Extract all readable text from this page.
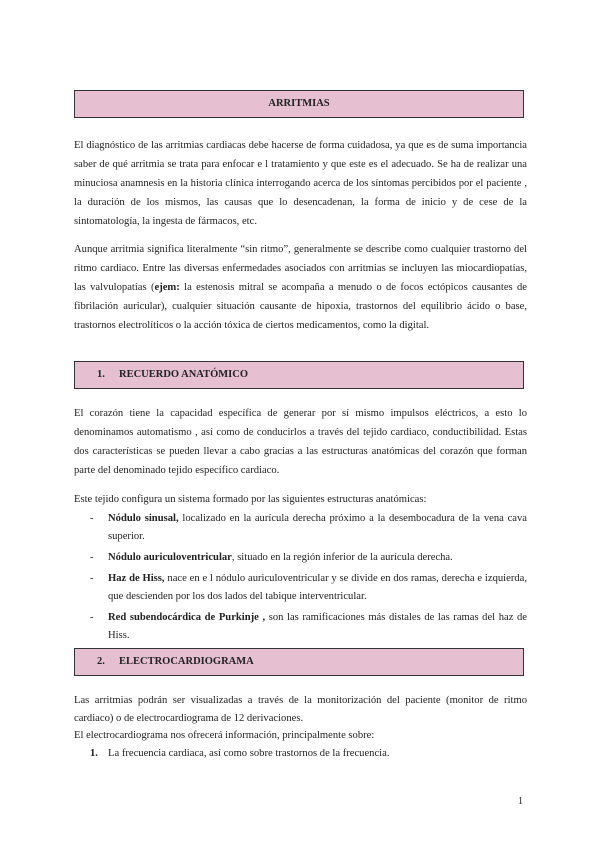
ARRITMIAS

El diagnóstico de las arritmias cardiacas debe hacerse de forma cuidadosa, ya que es de suma importancia saber de qué arritmia se trata para enfocar e l tratamiento y que este es el adecuado. Se ha de realizar una minuciosa anamnesis en la historia clínica interrogando acerca de los síntomas percibidos por el paciente , la duración de los mismos, las causas que lo desencadenan, la forma de inicio y de cese de la sintomatología, la ingesta de fármacos, etc.

Aunque arritmia significa literalmente “sin ritmo”, generalmente se describe como cualquier trastorno del ritmo cardiaco. Entre las diversas enfermedades asociados con arritmias se incluyen las miocardiopatías, las valvulopatías (ejem: la estenosis mitral se acompaña a menudo o de focos ectópicos causantes de fibrilación auricular), cualquier situación causante de hipoxia, trastornos del equilibrio ácido o base, trastornos electrolíticos o la acción tóxica de ciertos medicamentos, como la digital.

1. RECUERDO ANATÓMICO

El corazón tiene la capacidad específica de generar por sí mismo impulsos eléctricos, a esto lo denominamos automatismo , así como de conducirlos a través del tejido cardiaco, conductibilidad. Estas dos características se pueden llevar a cabo gracias a las estructuras anatómicas del corazón que forman parte del denominado tejido específico cardiaco.

Este tejido configura un sistema formado por las siguientes estructuras anatómicas:

- Nódulo sinusal, localizado en la aurícula derecha próximo a la desembocadura de la vena cava superior.
- Nódulo auriculoventricular, situado en la región inferior de la aurícula derecha.
- Haz de Hiss, nace en e l nódulo auriculoventricular y se divide en dos ramas, derecha e izquierda, que descienden por los dos lados del tabique interventricular.
- Red subendocárdica de Purkinje , son las ramificaciones más distales de las ramas del haz de Hiss.
2. ELECTROCARDIOGRAMA

Las arritmias podrán ser visualizadas a través de la monitorización del paciente (monitor de ritmo cardiaco) o de electrocardiograma de 12 derivaciones.

El electrocardiograma nos ofrecerá información, principalmente sobre:

1. La frecuencia cardiaca, así como sobre trastornos de la frecuencia.
1
